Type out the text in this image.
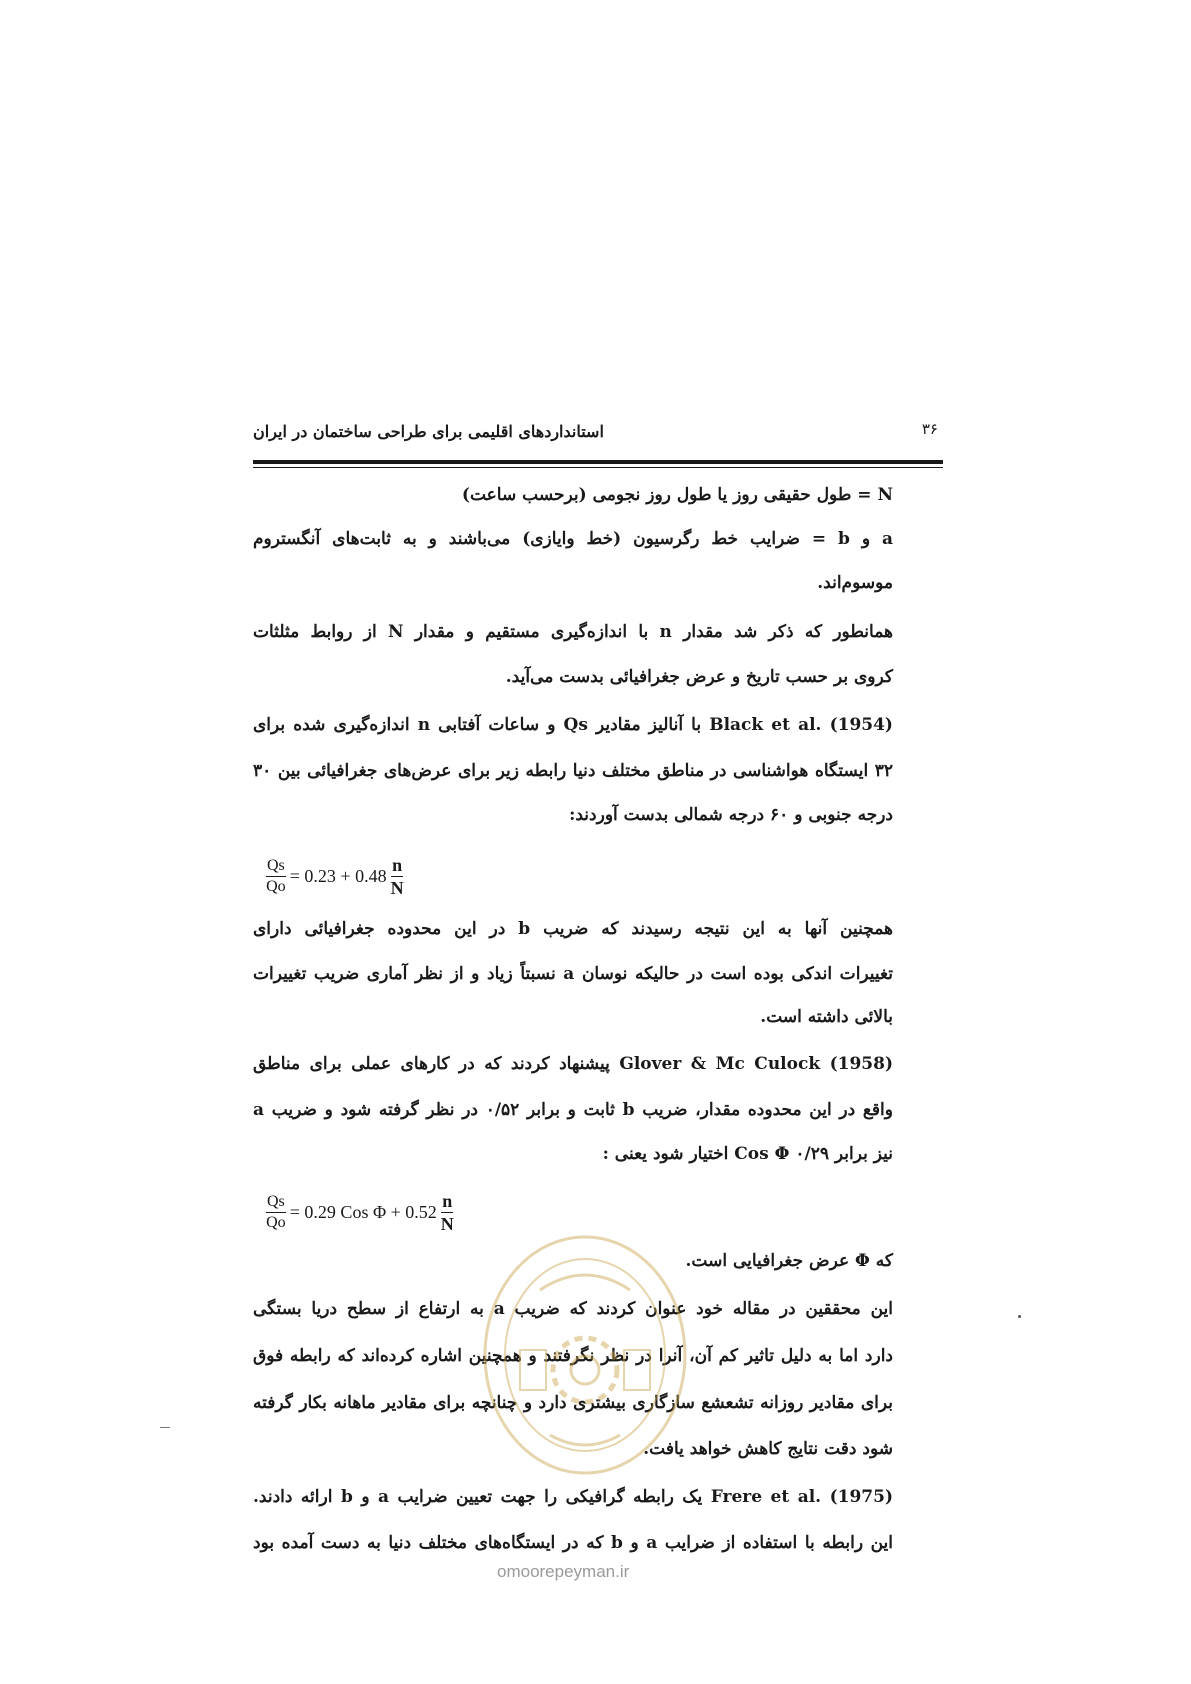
استانداردهای اقلیمی برای طراحی ساختمان در ایران	۳۶
N = طول حقیقی روز یا طول روز نجومی (برحسب ساعت)
a و b = ضرایب خط رگرسیون (خط وایازی) می‌باشند و به ثابت‌های آنگستروم
موسوم‌اند.
همانطور که ذکر شد مقدار n با اندازه‌گیری مستقیم و مقدار N از روابط مثلثات
کروی بر حسب تاریخ و عرض جغرافیائی بدست می‌آید.
Black et al. (1954) با آنالیز مقادیر Qs و ساعات آفتابی n اندازه‌گیری شده برای
۳۲ ایستگاه هواشناسی در مناطق مختلف دنیا رابطه زیر برای عرض‌های جغرافیائی بین ۳۰
درجه جنوبی و ۶۰ درجه شمالی بدست آوردند:
$\frac{Qs}{Qo} = 0.23 + 0.48 \frac{n}{N}$
همچنین آنها به این نتیجه رسیدند که ضریب b در این محدوده جغرافیائی دارای
تغییرات اندکی بوده است در حالیکه نوسان a نسبتاً زیاد و از نظر آماری ضریب تغییرات
بالائی داشته است.
Glover & Mc Culock (1958) پیشنهاد کردند که در کارهای عملی برای مناطق
واقع در این محدوده مقدار، ضریب b ثابت و برابر ۰/۵۲ در نظر گرفته شود و ضریب a
نیز برابر Cos Φ ۰/۲۹ اختیار شود یعنی :
$\frac{Qs}{Qo} = 0.29$ Cos $\Phi + 0.52 \frac{n}{N}$
که Φ عرض جغرافیایی است.
این محققین در مقاله خود عنوان کردند که ضریب a به ارتفاع از سطح دریا بستگی
دارد اما به دلیل تاثیر کم آن، آنرا در نظر نگرفتند و همچنین اشاره کرده‌اند که رابطه فوق
برای مقادیر روزانه تشعشع سازگاری بیشتری دارد و چنانچه برای مقادیر ماهانه بکار گرفته
شود دقت نتایج کاهش خواهد یافت.
Frere et al. (1975) یک رابطه گرافیکی را جهت تعیین ضرایب a و b ارائه دادند.
این رابطه با استفاده از ضرایب a و b که در ایستگاه‌های مختلف دنیا به دست آمده بود
omoorepeyman.ir
